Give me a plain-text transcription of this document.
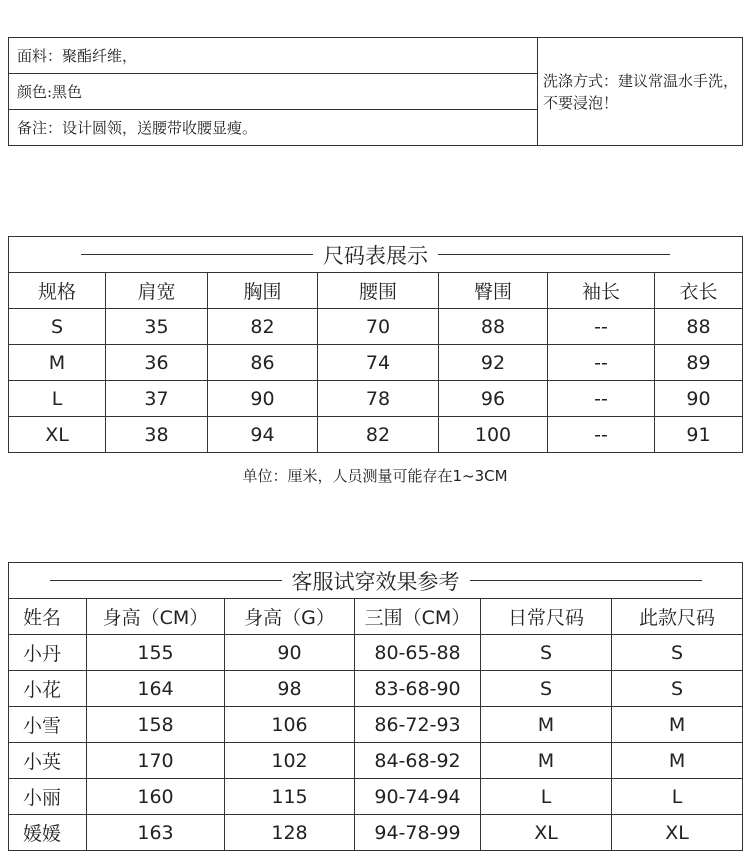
面料：聚酯纤维，	洗涤方式：建议常温水手洗，不要浸泡！
颜色:黑色
备注：设计圆领，送腰带收腰显瘦。
尺码表展示						

规格	肩宽	胸围	腰围	臀围	袖长	衣长
S	35	82	70	88	--	88
M	36	86	74	92	--	89
L	37	90	78	96	--	90
XL	38	94	82	100	--	91
单位：厘米，人员测量可能存在1~3CM
客服试穿效果参考					

姓名	身高（CM）	身高（G）	三围（CM）	日常尺码	此款尺码
小丹	155	90	80-65-88	S	S
小花	164	98	83-68-90	S	S
小雪	158	106	86-72-93	M	M
小英	170	102	84-68-92	M	M
小丽	160	115	90-74-94	L	L
媛媛	163	128	94-78-99	XL	XL
